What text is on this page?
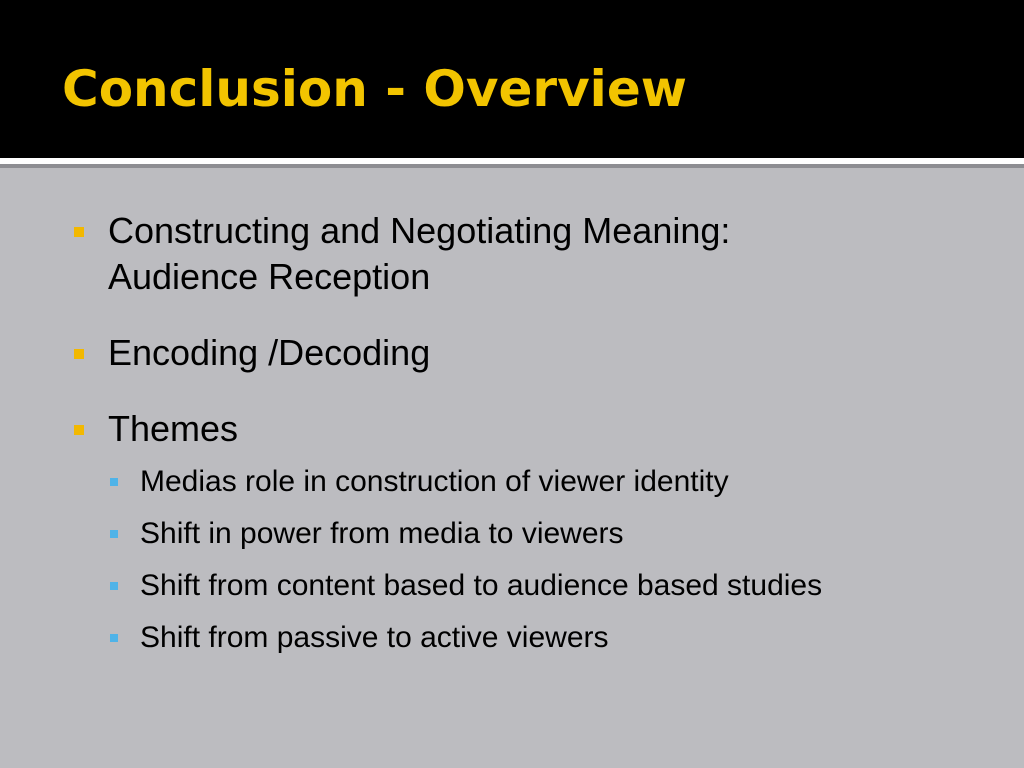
Conclusion - Overview
Constructing and Negotiating Meaning:
Audience Reception
Encoding /Decoding
Themes
Medias role in construction of viewer identity
Shift in power from media to viewers
Shift from content based to audience based studies
Shift from passive to active viewers
